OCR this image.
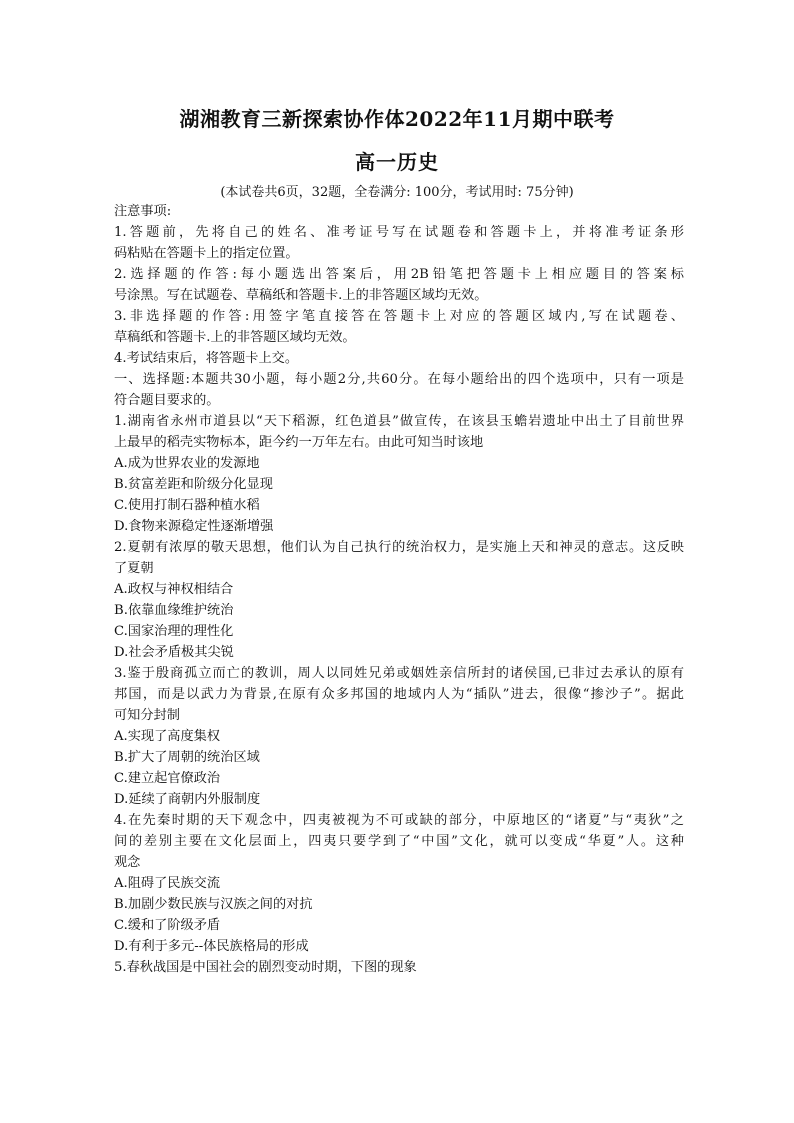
湖湘教育三新探索协作体2022年11月期中联考
高一历史
(本试卷共6页，32题，全卷满分: 100分，考试用时: 75分钟)
注意事项:
1.答题前，先将自己的姓名、准考证号写在试题卷和答题卡上，并将准考证条形
码粘贴在答题卡上的指定位置。
2.选择题的作答:每小题选出答案后，用2B铅笔把答题卡上相应题目的答案标
号涂黑。写在试题卷、草稿纸和答题卡.上的非答题区域均无效。
3.非选择题的作答:用签字笔直接答在答题卡上对应的答题区域内,写在试题卷、
草稿纸和答题卡.上的非答题区域均无效。
4.考试结束后，将答题卡上交。
一、选择题:本题共30小题，每小题2分,共60分。在每小题给出的四个选项中，只有一项是
符合题目要求的。
1.湖南省永州市道县以“天下稻源，红色道县”做宣传，在该县玉蟾岩遗址中出土了目前世界
上最早的稻壳实物标本，距今约一万年左右。由此可知当时该地
A.成为世界农业的发源地
B.贫富差距和阶级分化显现
C.使用打制石器种植水稻
D.食物来源稳定性逐渐增强
2.夏朝有浓厚的敬天思想，他们认为自己执行的统治权力，是实施上天和神灵的意志。这反映
了夏朝
A.政权与神权相结合
B.依靠血缘维护统治
C.国家治理的理性化
D.社会矛盾极其尖锐
3.鉴于殷商孤立而亡的教训，周人以同姓兄弟或姻姓亲信所封的诸侯国,已非过去承认的原有
邦国，而是以武力为背景,在原有众多邦国的地域内人为“插队”进去，很像“掺沙子”。据此
可知分封制
A.实现了高度集权
B.扩大了周朝的统治区域
C.建立起官僚政治
D.延续了商朝内外服制度
4.在先秦时期的天下观念中，四夷被视为不可或缺的部分，中原地区的“诸夏”与“夷狄”之
间的差别主要在文化层面上，四夷只要学到了“中国”文化，就可以变成“华夏”人。这种
观念
A.阻碍了民族交流
B.加剧少数民族与汉族之间的对抗
C.缓和了阶级矛盾
D.有利于多元--体民族格局的形成
5.春秋战国是中国社会的剧烈变动时期，下图的现象
